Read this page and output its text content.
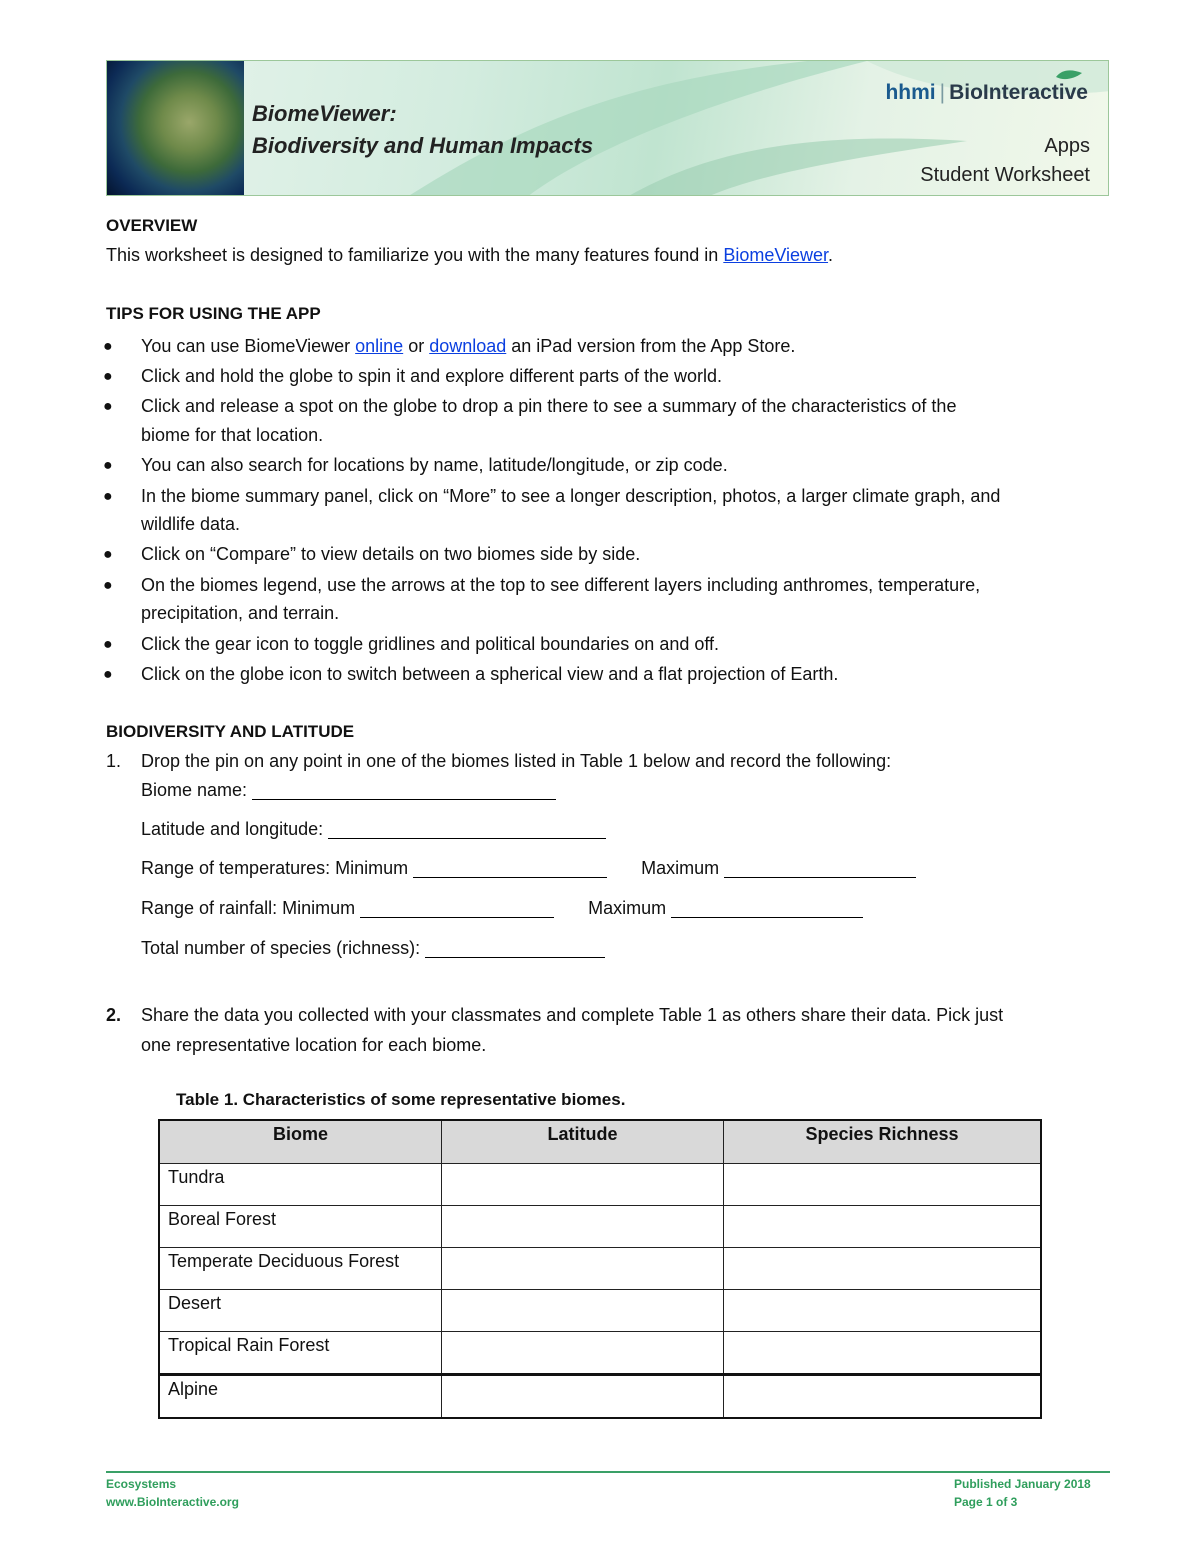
BiomeViewer:
Biodiversity and Human Impacts
hhmi | BioInteractive
Apps
Student Worksheet
OVERVIEW
This worksheet is designed to familiarize you with the many features found in BiomeViewer.
TIPS FOR USING THE APP
● You can use BiomeViewer online or download an iPad version from the App Store.
● Click and hold the globe to spin it and explore different parts of the world.
● Click and release a spot on the globe to drop a pin there to see a summary of the characteristics of the
biome for that location.
● You can also search for locations by name, latitude/longitude, or zip code.
● In the biome summary panel, click on “More” to see a longer description, photos, a larger climate graph, and
wildlife data.
● Click on “Compare” to view details on two biomes side by side.
● On the biomes legend, use the arrows at the top to see different layers including anthromes, temperature,
precipitation, and terrain.
● Click the gear icon to toggle gridlines and political boundaries on and off.
● Click on the globe icon to switch between a spherical view and a flat projection of Earth.
BIODIVERSITY AND LATITUDE
1. Drop the pin on any point in one of the biomes listed in Table 1 below and record the following:
Biome name:
Latitude and longitude:
Range of temperatures: Minimum	Maximum
Range of rainfall: Minimum	Maximum
Total number of species (richness):
2. Share the data you collected with your classmates and complete Table 1 as others share their data. Pick just
one representative location for each biome.
Table 1. Characteristics of some representative biomes.
Biome	Latitude	Species Richness
Tundra		
Boreal Forest		
Temperate Deciduous Forest		
Desert		
Tropical Rain Forest		
Alpine		
Ecosystems
www.BioInteractive.org
Published January 2018
Page 1 of 3
